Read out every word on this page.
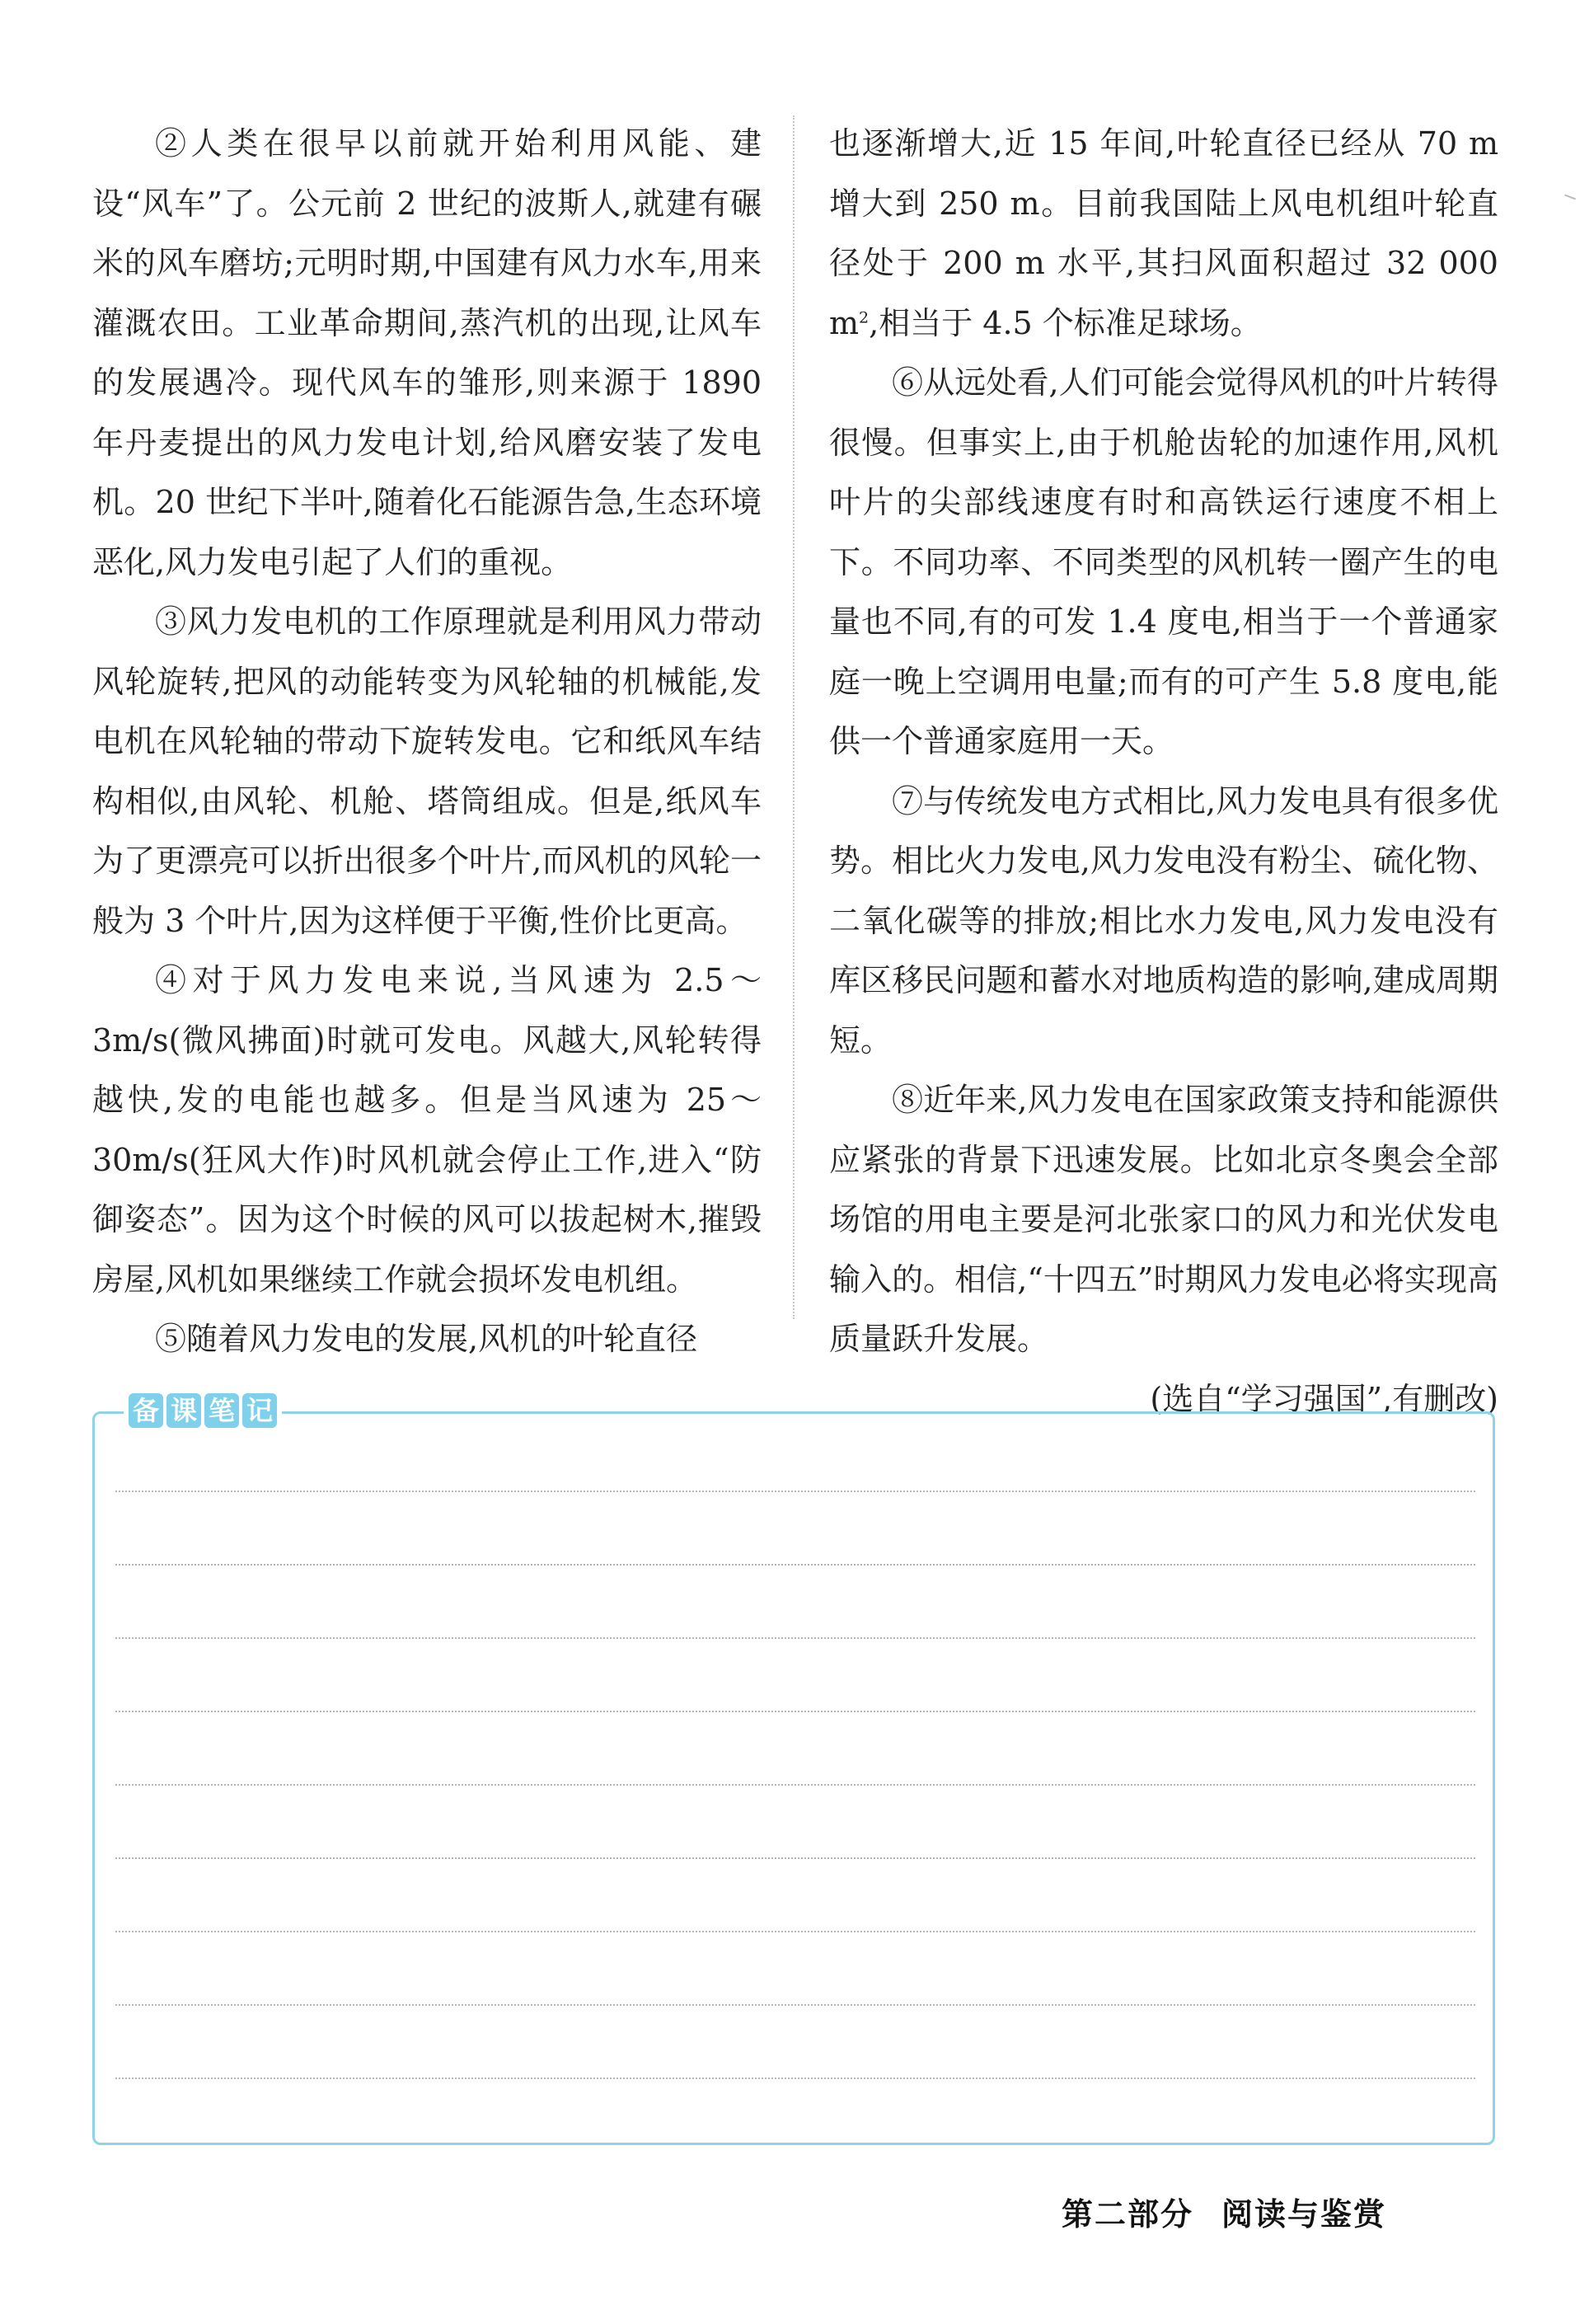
②人类在很早以前就开始利用风能、建设“风车”了。公元前 2 世纪的波斯人,就建有碾米的风车磨坊;元明时期,中国建有风力水车,用来灌溉农田。工业革命期间,蒸汽机的出现,让风车的发展遇冷。现代风车的雏形,则来源于 1890 年丹麦提出的风力发电计划,给风磨安装了发电机。20 世纪下半叶,随着化石能源告急,生态环境恶化,风力发电引起了人们的重视。

③风力发电机的工作原理就是利用风力带动风轮旋转,把风的动能转变为风轮轴的机械能,发电机在风轮轴的带动下旋转发电。它和纸风车结构相似,由风轮、机舱、塔筒组成。但是,纸风车为了更漂亮可以折出很多个叶片,而风机的风轮一般为 3 个叶片,因为这样便于平衡,性价比更高。

④对于风力发电来说,当风速为 2.5～3m/s(微风拂面)时就可发电。风越大,风轮转得越快,发的电能也越多。但是当风速为 25～30m/s(狂风大作)时风机就会停止工作,进入“防御姿态”。因为这个时候的风可以拔起树木,摧毁房屋,风机如果继续工作就会损坏发电机组。

⑤随着风力发电的发展,风机的叶轮直径

也逐渐增大,近 15 年间,叶轮直径已经从 70 m 增大到 250 m。目前我国陆上风电机组叶轮直径处于 200 m 水平,其扫风面积超过 32 000 $m^2$,相当于 4.5 个标准足球场。

⑥从远处看,人们可能会觉得风机的叶片转得很慢。但事实上,由于机舱齿轮的加速作用,风机叶片的尖部线速度有时和高铁运行速度不相上下。不同功率、不同类型的风机转一圈产生的电量也不同,有的可发 1.4 度电,相当于一个普通家庭一晚上空调用电量;而有的可产生 5.8 度电,能供一个普通家庭用一天。

⑦与传统发电方式相比,风力发电具有很多优势。相比火力发电,风力发电没有粉尘、硫化物、二氧化碳等的排放;相比水力发电,风力发电没有库区移民问题和蓄水对地质构造的影响,建成周期短。

⑧近年来,风力发电在国家政策支持和能源供应紧张的背景下迅速发展。比如北京冬奥会全部场馆的用电主要是河北张家口的风力和光伏发电输入的。相信,“十四五”时期风力发电必将实现高质量跃升发展。

(选自“学习强国”,有删改)

备 课 笔 记
第二部分 阅读与鉴赏
